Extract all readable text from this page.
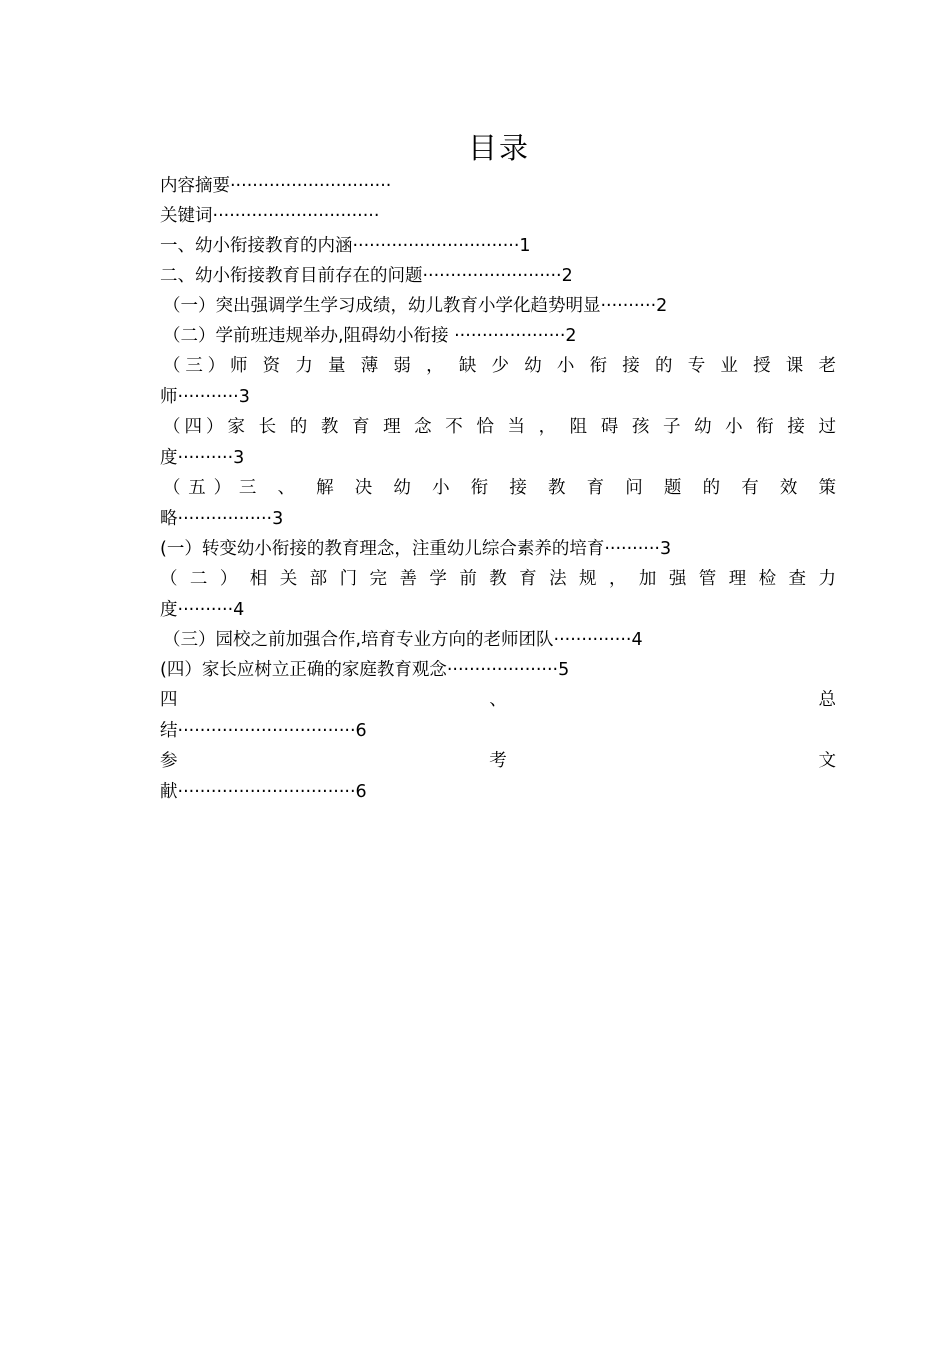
目录
内容摘要·····························
关键词······························
一、幼小衔接教育的内涵······························1
二、幼小衔接教育目前存在的问题·························2
（一）突出强调学生学习成绩，幼儿教育小学化趋势明显··········2
（二）学前班违规举办,阻碍幼小衔接 ····················2
（三）师 资 力 量 薄 弱 ， 缺 少 幼 小 衔 接 的 专 业 授 课 老
师···········3
（四）家 长 的 教 育 理 念 不 恰 当 ， 阻 碍 孩 子 幼 小 衔 接 过
度··········3
（五）三 、 解 决 幼 小 衔 接 教 育 问 题 的 有 效 策
略·················3
(一）转变幼小衔接的教育理念，注重幼儿综合素养的培育··········3
（ 二 ） 相 关 部 门 完 善 学 前 教 育 法 规 ， 加 强 管 理 检 查 力
度··········4
（三）园校之前加强合作,培育专业方向的老师团队··············4
(四）家长应树立正确的家庭教育观念····················5
四 、 总
结································6
参 考 文
献································6
